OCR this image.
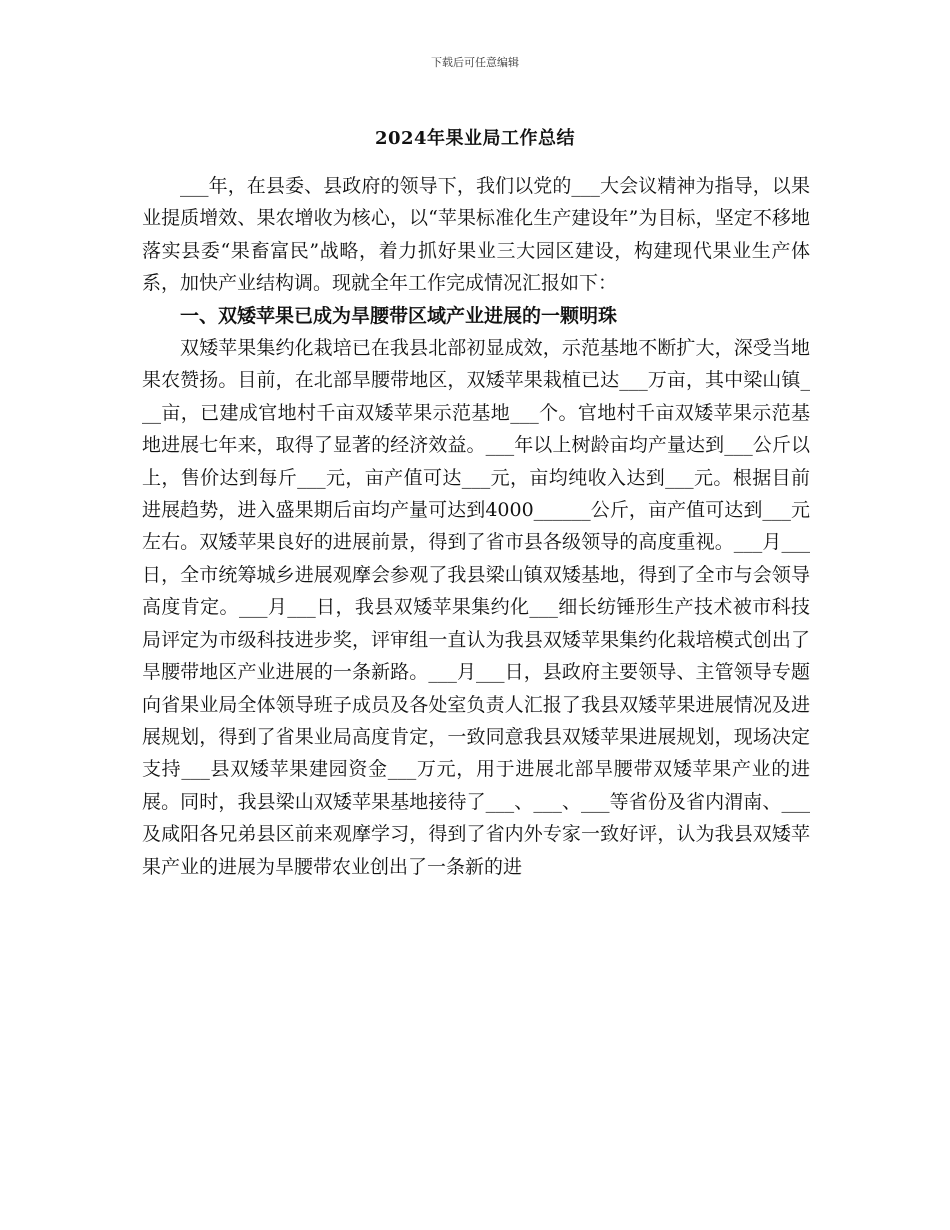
下载后可任意编辑
2024年果业局工作总结

___年，在县委、县政府的领导下，我们以党的___大会议精神为指导，以果业提质增效、果农增收为核心，以“苹果标准化生产建设年”为目标，坚定不移地落实县委“果畜富民”战略，着力抓好果业三大园区建设，构建现代果业生产体系，加快产业结构调。现就全年工作完成情况汇报如下：

一、双矮苹果已成为旱腰带区域产业进展的一颗明珠

双矮苹果集约化栽培已在我县北部初显成效，示范基地不断扩大，深受当地果农赞扬。目前，在北部旱腰带地区，双矮苹果栽植已达___万亩，其中梁山镇___亩，已建成官地村千亩双矮苹果示范基地___个。官地村千亩双矮苹果示范基地进展七年来，取得了显著的经济效益。___年以上树龄亩均产量达到___公斤以上，售价达到每斤___元，亩产值可达___元，亩均纯收入达到___元。根据目前进展趋势，进入盛果期后亩均产量可达到4000______公斤，亩产值可达到___元左右。双矮苹果良好的进展前景，得到了省市县各级领导的高度重视。___月___日，全市统筹城乡进展观摩会参观了我县梁山镇双矮基地，得到了全市与会领导高度肯定。___月___日，我县双矮苹果集约化___细长纺锤形生产技术被市科技局评定为市级科技进步奖，评审组一直认为我县双矮苹果集约化栽培模式创出了旱腰带地区产业进展的一条新路。___月___日，县政府主要领导、主管领导专题向省果业局全体领导班子成员及各处室负责人汇报了我县双矮苹果进展情况及进展规划，得到了省果业局高度肯定，一致同意我县双矮苹果进展规划，现场决定支持___县双矮苹果建园资金___万元，用于进展北部旱腰带双矮苹果产业的进展。同时，我县梁山双矮苹果基地接待了___、___、___等省份及省内渭南、___及咸阳各兄弟县区前来观摩学习，得到了省内外专家一致好评，认为我县双矮苹果产业的进展为旱腰带农业创出了一条新的进
